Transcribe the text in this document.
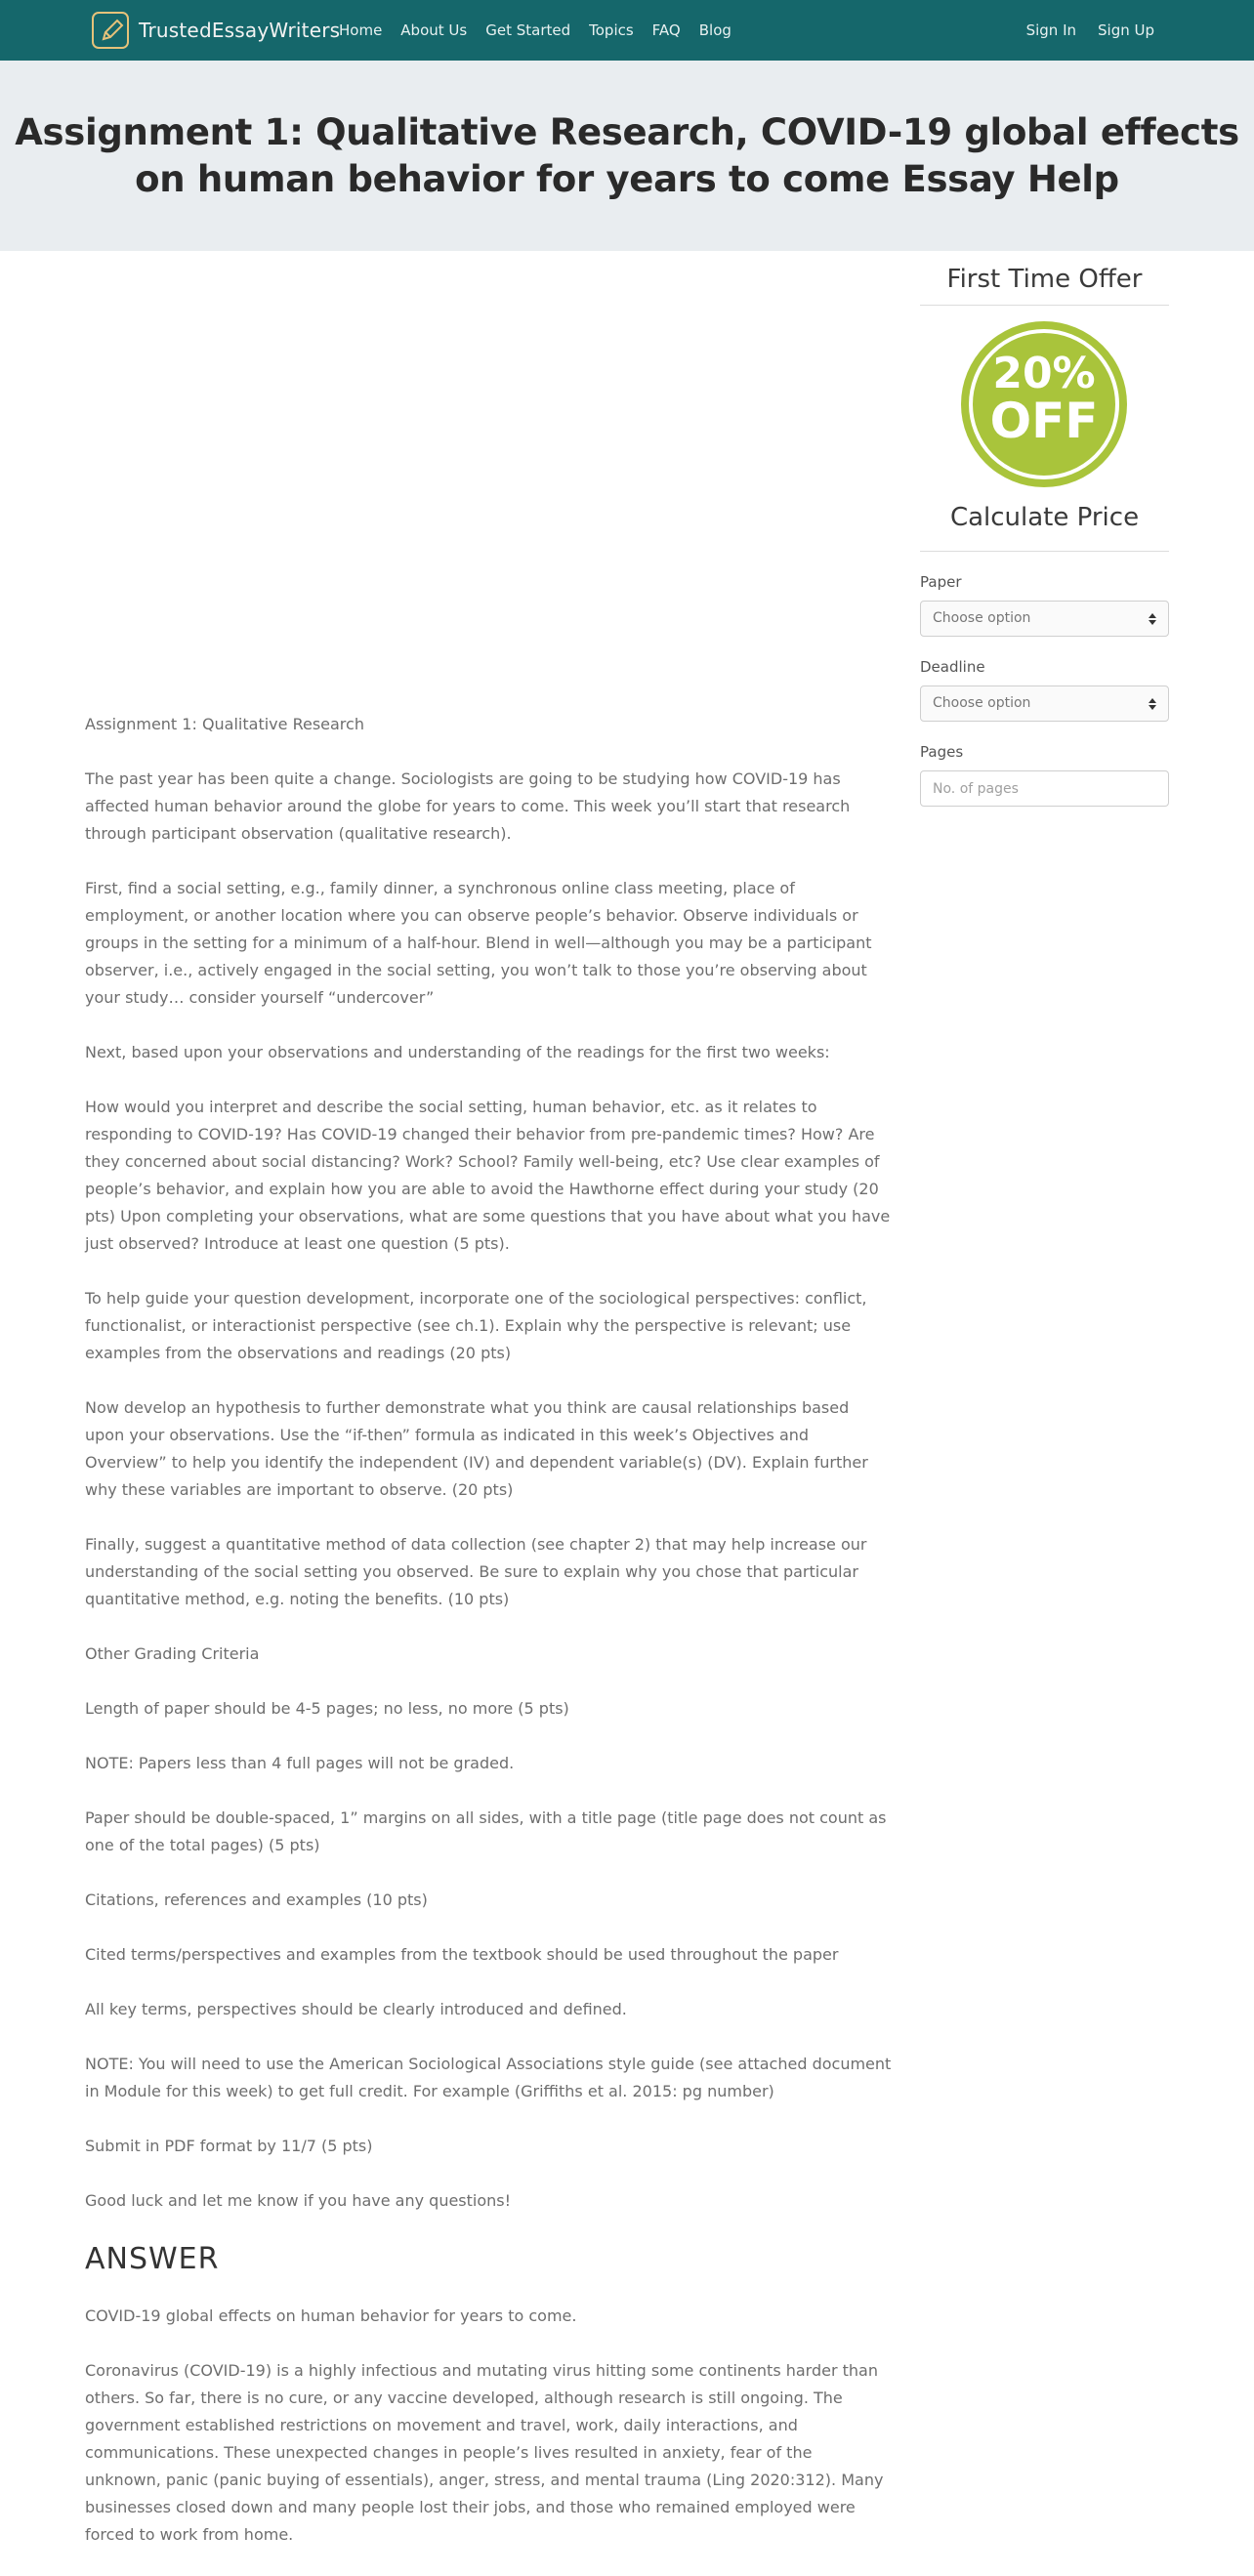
TrustedEssayWriters
Home About Us Get Started Topics FAQ Blog	Sign In Sign Up
Assignment 1: Qualitative Research, COVID-19 global effects on human behavior for years to come Essay Help

Assignment 1: Qualitative Research

The past year has been quite a change. Sociologists are going to be studying how COVID-19 has affected human behavior around the globe for years to come. This week you’ll start that research through participant observation (qualitative research).

First, find a social setting, e.g., family dinner, a synchronous online class meeting, place of employment, or another location where you can observe people’s behavior. Observe individuals or groups in the setting for a minimum of a half-hour. Blend in well—although you may be a participant observer, i.e., actively engaged in the social setting, you won’t talk to those you’re observing about your study… consider yourself “undercover”

Next, based upon your observations and understanding of the readings for the first two weeks:

How would you interpret and describe the social setting, human behavior, etc. as it relates to responding to COVID-19? Has COVID-19 changed their behavior from pre-pandemic times? How? Are they concerned about social distancing? Work? School? Family well-being, etc? Use clear examples of people’s behavior, and explain how you are able to avoid the Hawthorne effect during your study (20 pts) Upon completing your observations, what are some questions that you have about what you have just observed? Introduce at least one question (5 pts).

To help guide your question development, incorporate one of the sociological perspectives: conflict, functionalist, or interactionist perspective (see ch.1). Explain why the perspective is relevant; use examples from the observations and readings (20 pts)

Now develop an hypothesis to further demonstrate what you think are causal relationships based upon your observations. Use the “if-then” formula as indicated in this week’s Objectives and Overview” to help you identify the independent (IV) and dependent variable(s) (DV). Explain further why these variables are important to observe. (20 pts)

Finally, suggest a quantitative method of data collection (see chapter 2) that may help increase our understanding of the social setting you observed. Be sure to explain why you chose that particular quantitative method, e.g. noting the benefits. (10 pts)

Other Grading Criteria

Length of paper should be 4-5 pages; no less, no more (5 pts)

NOTE: Papers less than 4 full pages will not be graded.

Paper should be double-spaced, 1” margins on all sides, with a title page (title page does not count as one of the total pages) (5 pts)

Citations, references and examples (10 pts)

Cited terms/perspectives and examples from the textbook should be used throughout the paper

All key terms, perspectives should be clearly introduced and defined.

NOTE: You will need to use the American Sociological Associations style guide (see attached document in Module for this week) to get full credit. For example (Griffiths et al. 2015: pg number)

Submit in PDF format by 11/7 (5 pts)

Good luck and let me know if you have any questions!

ANSWER

COVID-19 global effects on human behavior for years to come.

Coronavirus (COVID-19) is a highly infectious and mutating virus hitting some continents harder than others. So far, there is no cure, or any vaccine developed, although research is still ongoing. The government established restrictions on movement and travel, work, daily interactions, and communications. These unexpected changes in people’s lives resulted in anxiety, fear of the unknown, panic (panic buying of essentials), anger, stress, and mental trauma (Ling 2020:312). Many businesses closed down and many people lost their jobs, and those who remained employed were forced to work from home.

First Time Offer
20%
OFF
Calculate Price
Paper
Choose option
Deadline
Choose option
Pages
No. of pages
